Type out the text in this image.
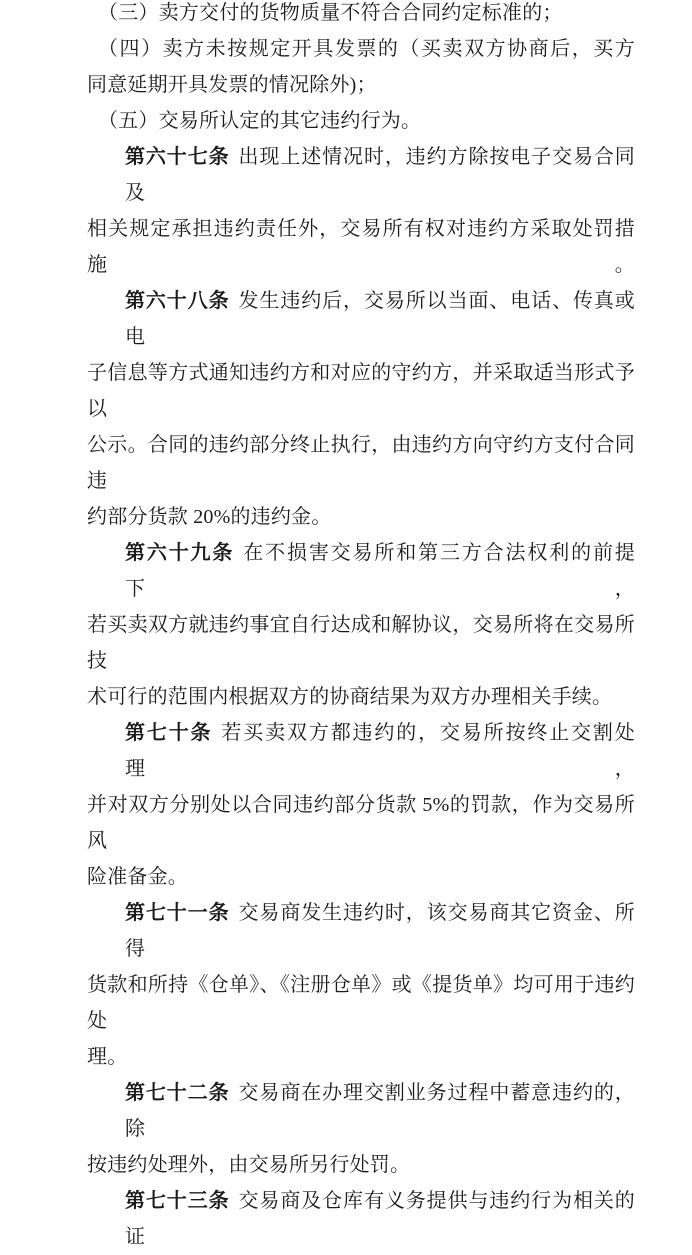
（三）卖方交付的货物质量不符合合同约定标准的；
（四）卖方未按规定开具发票的（买卖双方协商后，买方
同意延期开具发票的情况除外)；
（五）交易所认定的其它违约行为。
第六十七条 出现上述情况时，违约方除按电子交易合同及
相关规定承担违约责任外，交易所有权对违约方采取处罚措施。
第六十八条 发生违约后，交易所以当面、电话、传真或电
子信息等方式通知违约方和对应的守约方，并采取适当形式予以
公示。合同的违约部分终止执行，由违约方向守约方支付合同违
约部分货款 20%的违约金。
第六十九条 在不损害交易所和第三方合法权利的前提下，
若买卖双方就违约事宜自行达成和解协议，交易所将在交易所技
术可行的范围内根据双方的协商结果为双方办理相关手续。
第七十条 若买卖双方都违约的，交易所按终止交割处理，
并对双方分别处以合同违约部分货款 5%的罚款，作为交易所风
险准备金。
第七十一条 交易商发生违约时，该交易商其它资金、所得
货款和所持《仓单》、《注册仓单》或《提货单》均可用于违约处
理。
第七十二条 交易商在办理交割业务过程中蓄意违约的，除
按违约处理外，由交易所另行处罚。
第七十三条 交易商及仓库有义务提供与违约行为相关的证
